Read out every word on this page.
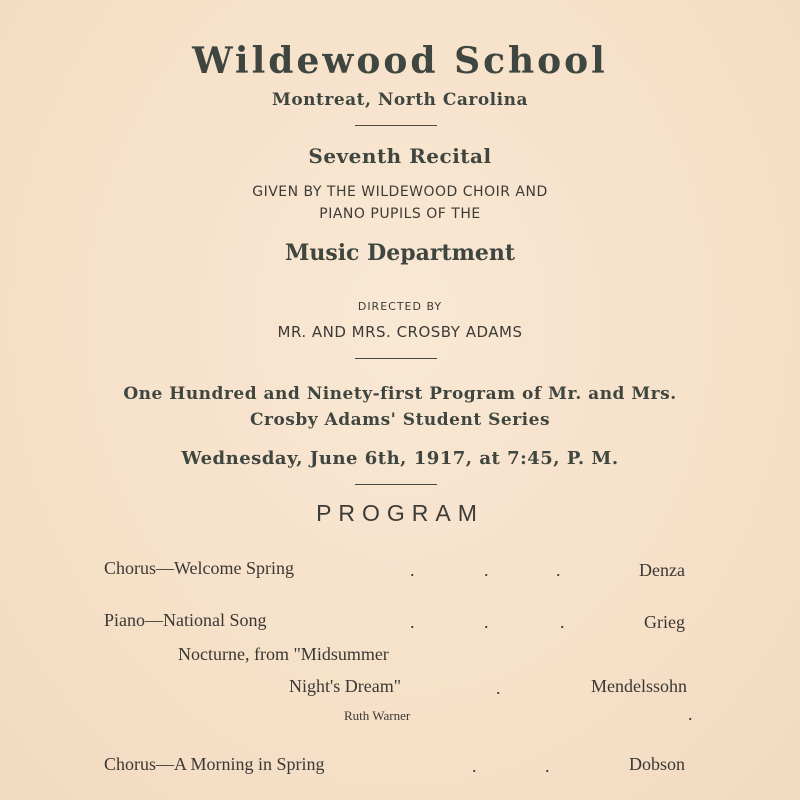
Wildewood School
Montreat, North Carolina
Seventh Recital
GIVEN BY THE WILDEWOOD CHOIR AND
PIANO PUPILS OF THE
Music Department
DIRECTED BY
MR. AND MRS. CROSBY ADAMS
One Hundred and Ninety-first Program of Mr. and Mrs.
Crosby Adams' Student Series
Wednesday, June 6th, 1917, at 7:45, P. M.
PROGRAM
Chorus—Welcome Spring	.	.	.	Denza
Piano—National Song	.	.	.	Grieg
Nocturne, from "Midsummer
Night's Dream"	.	Mendelssohn
Ruth Warner	.
Chorus—A Morning in Spring	.	.	Dobson
